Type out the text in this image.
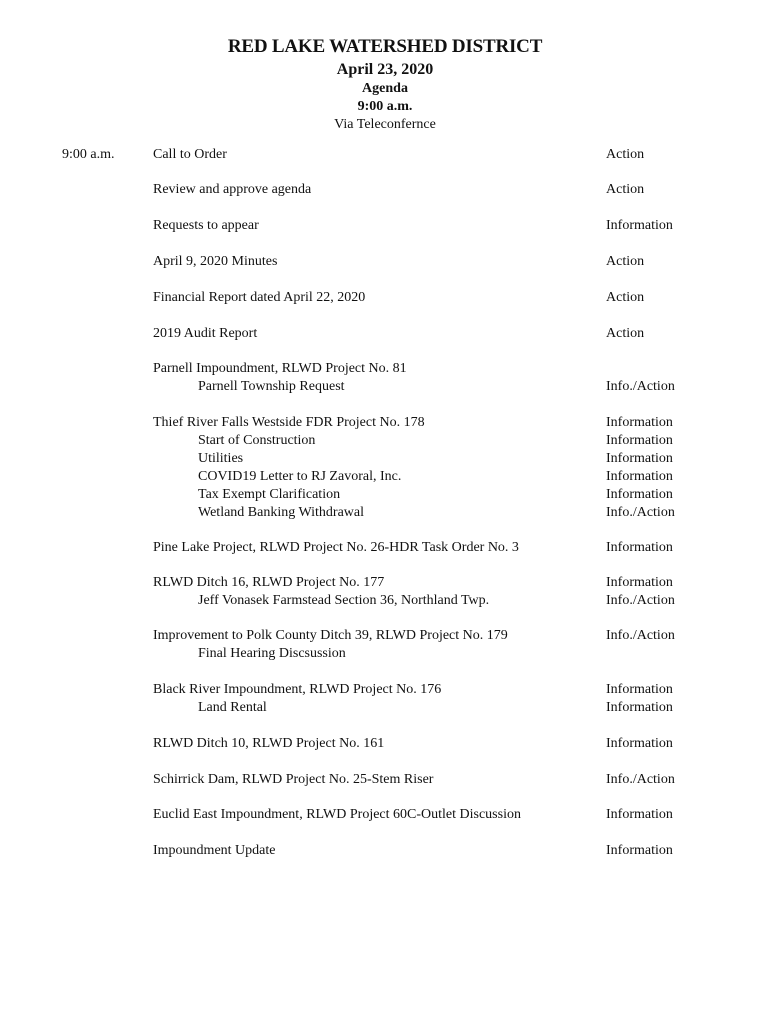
RED LAKE WATERSHED DISTRICT
April 23, 2020
Agenda
9:00 a.m.
Via Teleconfernce
9:00 a.m.	Call to Order	Action
Review and approve agenda	Action
Requests to appear	Information
April 9, 2020 Minutes	Action
Financial Report dated April 22, 2020	Action
2019 Audit Report	Action
Parnell Impoundment, RLWD Project No. 81
Parnell Township Request	Info./Action
Thief River Falls Westside FDR Project No. 178	Information
Start of Construction	Information
Utilities	Information
COVID19 Letter to RJ Zavoral, Inc.	Information
Tax Exempt Clarification	Information
Wetland Banking Withdrawal	Info./Action
Pine Lake Project, RLWD Project No. 26-HDR Task Order No. 3	Information
RLWD Ditch 16, RLWD Project No. 177	Information
Jeff Vonasek Farmstead Section 36, Northland Twp.	Info./Action
Improvement to Polk County Ditch 39, RLWD Project No. 179	Info./Action
Final Hearing Discsussion
Black River Impoundment, RLWD Project No. 176	Information
Land Rental	Information
RLWD Ditch 10, RLWD Project No. 161	Information
Schirrick Dam, RLWD Project No. 25-Stem Riser	Info./Action
Euclid East Impoundment, RLWD Project 60C-Outlet Discussion	Information
Impoundment Update	Information
